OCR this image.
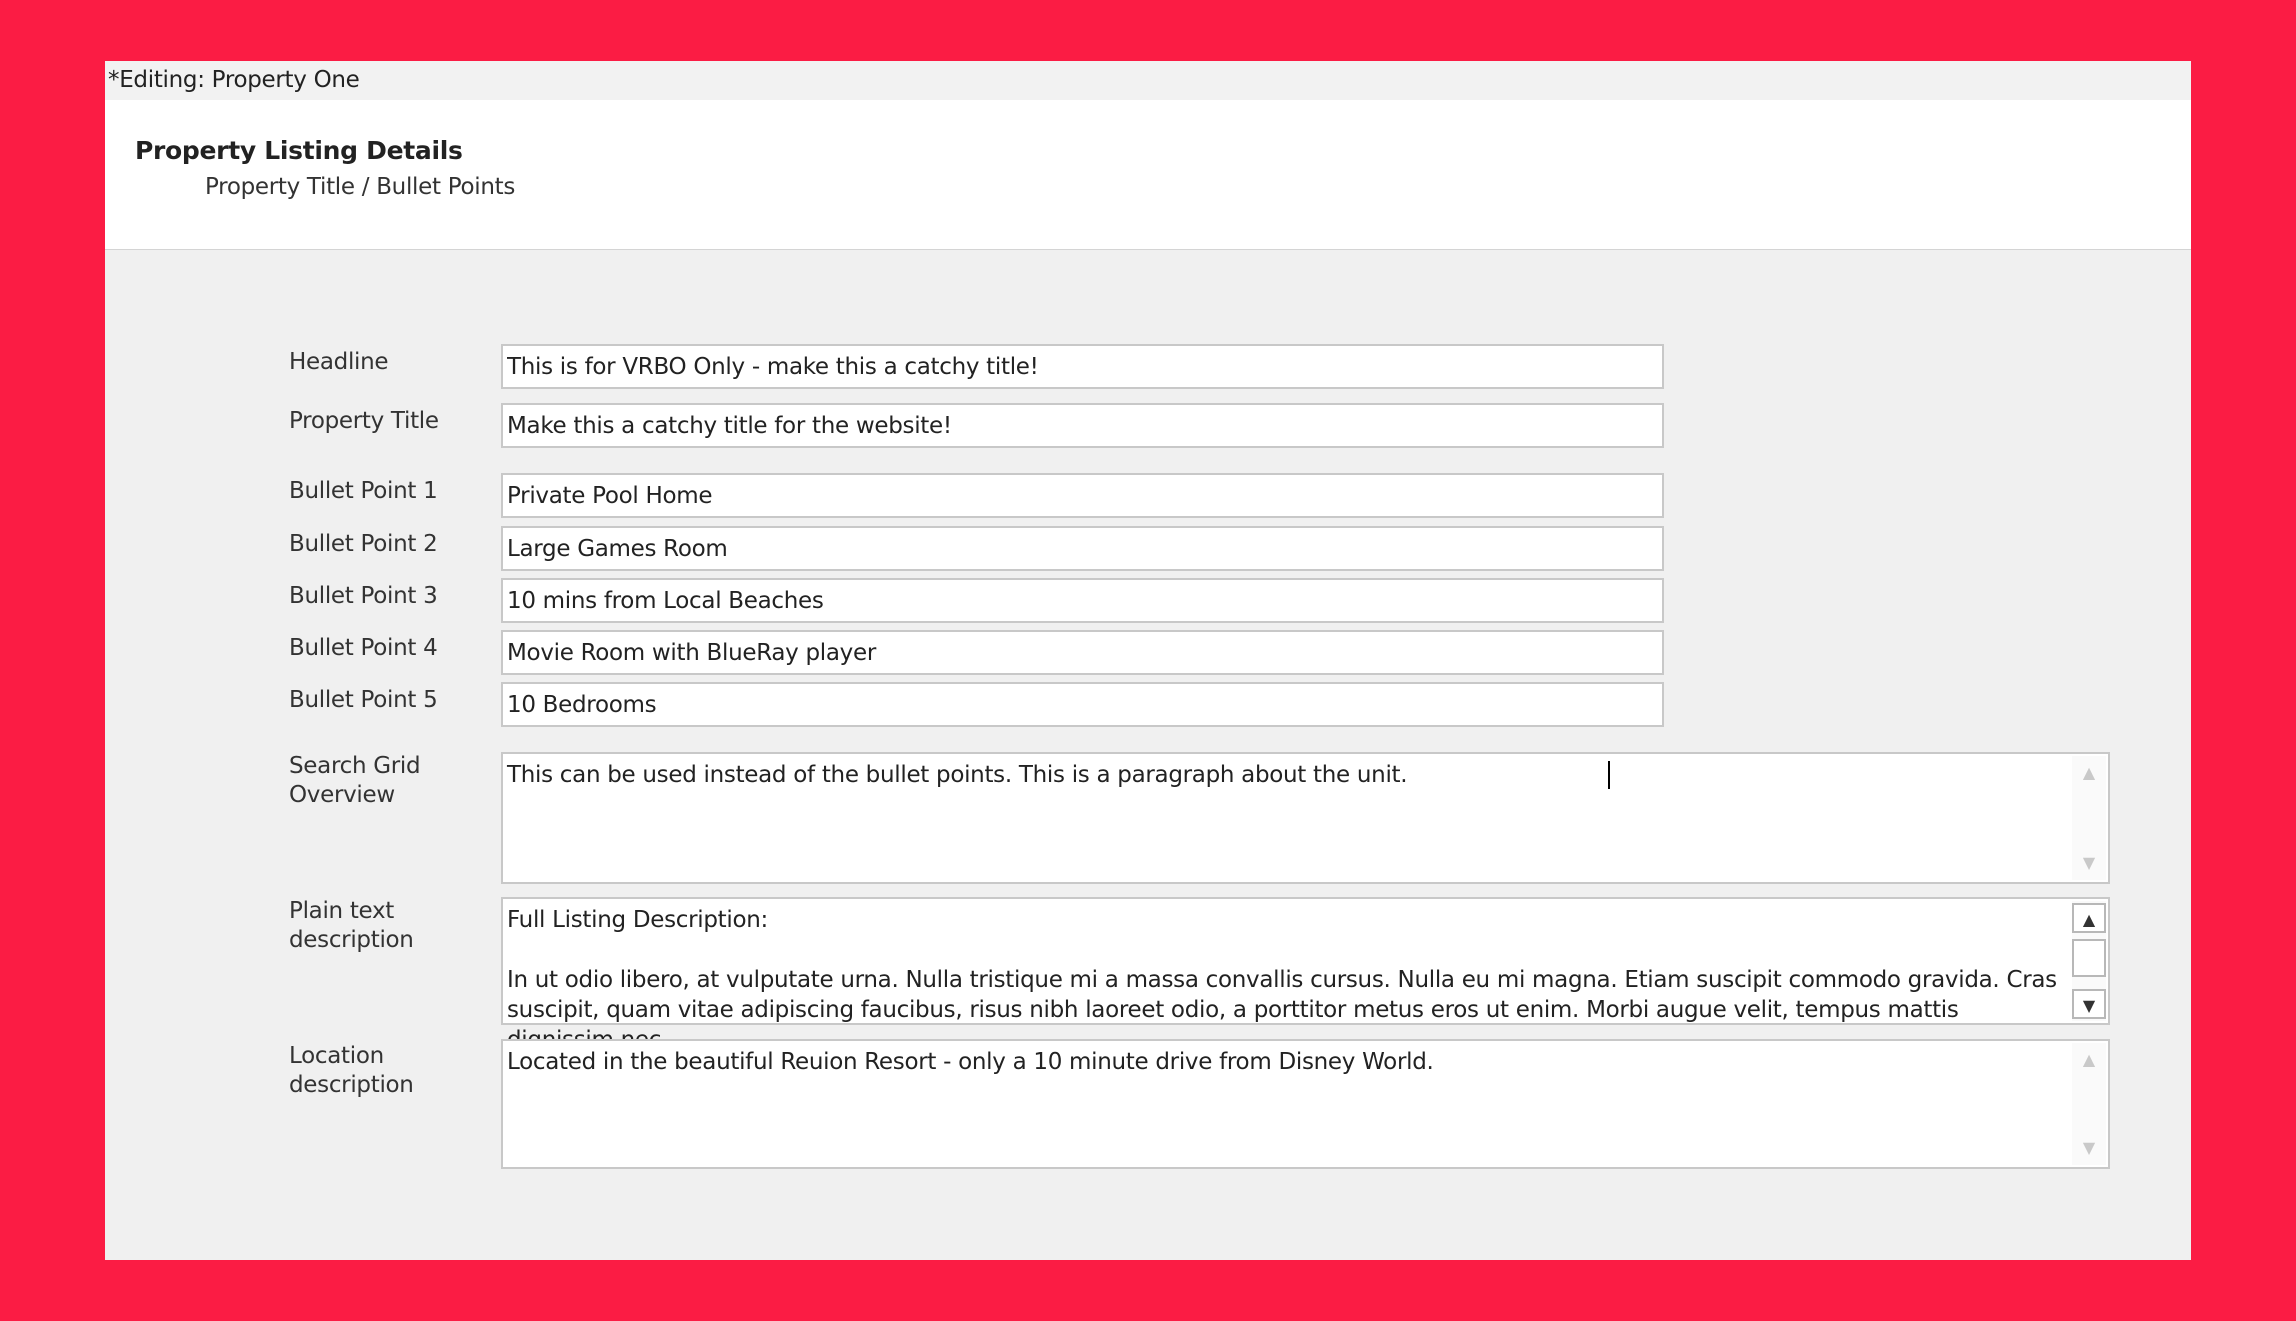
*Editing: Property One
Property Listing Details
Property Title / Bullet Points
Headline
This is for VRBO Only - make this a catchy title!
Property Title
Make this a catchy title for the website!
Bullet Point 1
Private Pool Home
Bullet Point 2
Large Games Room
Bullet Point 3
10 mins from Local Beaches
Bullet Point 4
Movie Room with BlueRay player
Bullet Point 5
10 Bedrooms
Search Grid
Overview
This can be used instead of the bullet points. This is a paragraph about the unit.	▲
▼
Plain text
description
Full Listing Description:

In ut odio libero, at vulputate urna. Nulla tristique mi a massa convallis cursus. Nulla eu mi magna. Etiam suscipit commodo gravida. Cras suscipit, quam vitae adipiscing faucibus, risus nibh laoreet odio, a porttitor metus eros ut enim. Morbi augue velit, tempus mattis
▲
▼
Location
description
Located in the beautiful Reuion Resort - only a 10 minute drive from Disney World.	▲
▼
